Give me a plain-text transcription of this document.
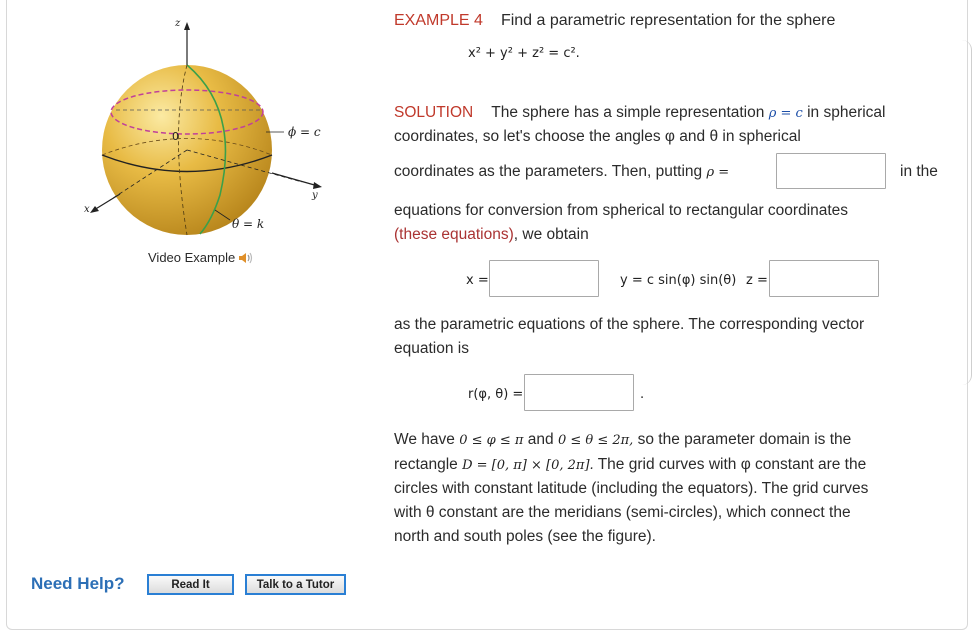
z
0
y
x
ϕ = c
θ = k
Video Example
EXAMPLE 4 Find a parametric representation for the sphere
x² + y² + z² = c².
SOLUTION The sphere has a simple representation ρ = c in spherical
coordinates, so let's choose the angles φ and θ in spherical
coordinates as the parameters. Then, putting ρ =	in the
equations for conversion from spherical to rectangular coordinates
(these equations), we obtain
x =	y = c sin(φ) sin(θ) z =
as the parametric equations of the sphere. The corresponding vector
equation is
r(φ, θ) =	.
We have 0 ≤ φ ≤ π and 0 ≤ θ ≤ 2π, so the parameter domain is the
rectangle D = [0, π] × [0, 2π]. The grid curves with φ constant are the
circles with constant latitude (including the equators). The grid curves
with θ constant are the meridians (semi-circles), which connect the
north and south poles (see the figure).
Need Help?	Read It	Talk to a Tutor
